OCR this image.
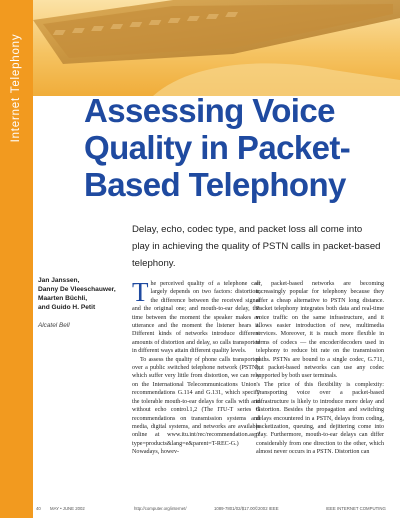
Internet Telephony Assessing Voice Quality in Packet-Based Telephony
Delay, echo, codec type, and packet loss all come into play in achieving the quality of PSTN calls in packet-based telephony.
Jan Janssen,
Danny De Vleeschauwer,
Maarten Büchli,
and Guido H. Petit
Alcatel Bell

The perceived quality of a telephone call largely depends on two factors: distortion, the difference between the received signal and the original one; and mouth-to-ear delay, the time between the moment the speaker makes an utterance and the moment the listener hears it. Different kinds of networks introduce different amounts of distortion and delay, so calls transported in different ways attain different quality levels.

To assess the quality of phone calls transported over a public switched telephone network (PSTN), which suffer very little from distortion, we can rely on the International Telecommunications Union's recommendations G.114 and G.131, which specify the tolerable mouth-to-ear delays for calls with and without echo control.1,2 (The ITU-T series G recommendations on transmission systems and media, digital systems, and networks are available online at www.itu.int/rec/recommendation.asp?type=products&lang=e&parent=T-REC-G.) Nowadays, howev-

er, packet-based networks are becoming increasingly popular for telephony because they offer a cheap alternative to PSTN long distance. Packet telephony integrates both data and real-time voice traffic on the same infrastructure, and it allows easier introduction of new, multimedia services. Moreover, it is much more flexible in terms of codecs — the encoder/decoders used in telephony to reduce bit rate on the transmission paths. PSTNs are bound to a single codec, G.711, but packet-based networks can use any codec supported by both user terminals.

The price of this flexibility is complexity: Transporting voice over a packet-based infrastructure is likely to introduce more delay and distortion. Besides the propagation and switching delays encountered in a PSTN, delays from coding, packetization, queuing, and dejittering come into play. Furthermore, mouth-to-ear delays can differ considerably from one direction to the other, which almost never occurs in a PSTN. Distortion can

40 MAY • JUNE 2002	http://computer.org/internet/	1089-7801/02/$17.00©2002 IEEE	IEEE INTERNET COMPUTING
